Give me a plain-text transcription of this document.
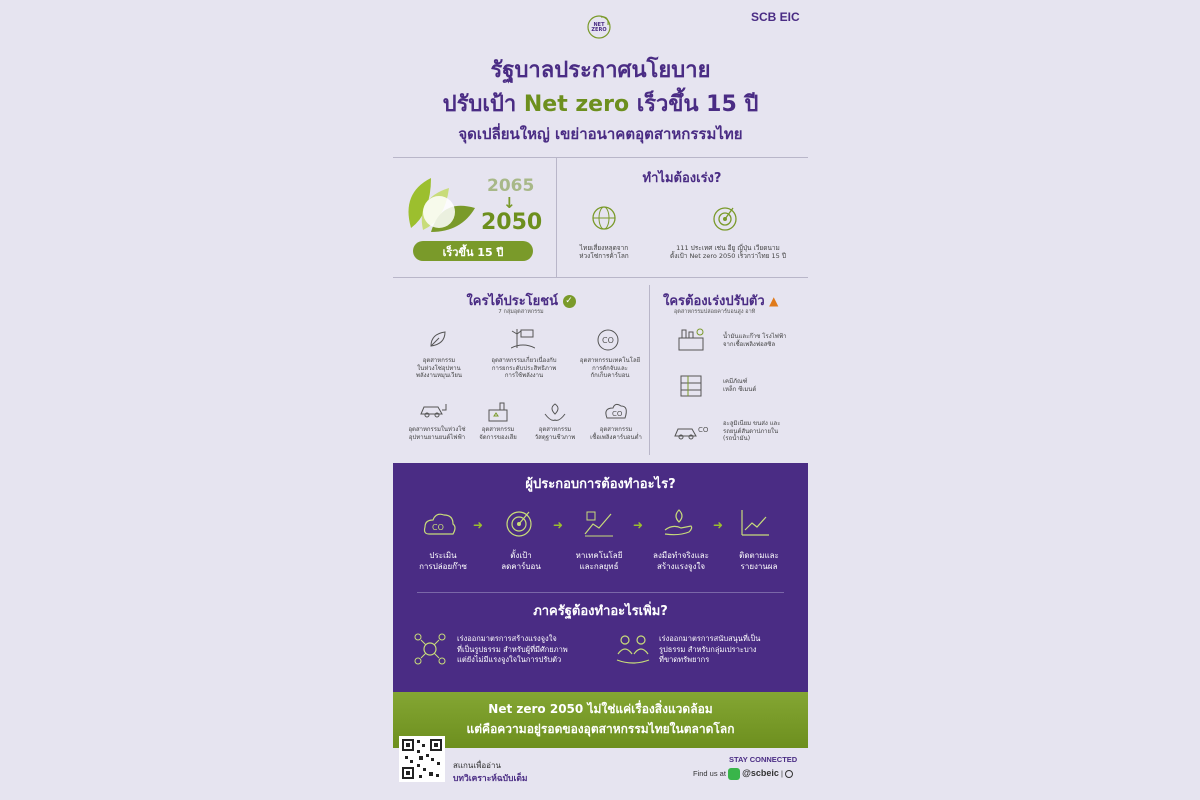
NET ZERO
SCB EIC
รัฐบาลประกาศนโยบาย
ปรับเป้า Net zero เร็วขึ้น 15 ปี
จุดเปลี่ยนใหญ่ เขย่าอนาคตอุตสาหกรรมไทย
2065
↓
2050
เร็วขึ้น 15 ปี
ทำไมต้องเร่ง?
ไทยเสี่ยงหลุดจาก
ห่วงโซ่การค้าโลก
111 ประเทศ เช่น อียู ญี่ปุ่น เวียดนาม
ตั้งเป้า Net zero 2050 เร็วกว่าไทย 15 ปี
ใครได้ประโยชน์ ✓
7 กลุ่มอุตสาหกรรม
อุตสาหกรรม
ในห่วงโซ่อุปทาน
พลังงานหมุนเวียน
อุตสาหกรรมเกี่ยวเนื่องกับ
การยกระดับประสิทธิภาพ
การใช้พลังงาน
CO
อุตสาหกรรมเทคโนโลยี
การดักจับและ
กักเก็บคาร์บอน
อุตสาหกรรมในห่วงโซ่
อุปทานยานยนต์ไฟฟ้า
อุตสาหกรรม
จัดการของเสีย
อุตสาหกรรม
วัสดุฐานชีวภาพ
CO
อุตสาหกรรม
เชื้อเพลิงคาร์บอนต่ำ
ใครต้องเร่งปรับตัว ▲
อุตสาหกรรมปล่อยคาร์บอนสูง อาทิ
น้ำมันและก๊าซ โรงไฟฟ้า
จากเชื้อเพลิงฟอสซิล
เคมีภัณฑ์
เหล็ก ซีเมนต์
CO
อะลูมิเนียม ขนส่ง และ
รถยนต์สันดาปภายใน
(รถน้ำมัน)
ผู้ประกอบการต้องทำอะไร?
CO ➜	➜	➜	➜
ประเมิน
การปล่อยก๊าซ
ตั้งเป้า
ลดคาร์บอน
หาเทคโนโลยี
และกลยุทธ์
ลงมือทำจริงและ
สร้างแรงจูงใจ
ติดตามและ
รายงานผล
ภาครัฐต้องทำอะไรเพิ่ม?
เร่งออกมาตรการสร้างแรงจูงใจ
ที่เป็นรูปธรรม สำหรับผู้ที่มีศักยภาพ
แต่ยังไม่มีแรงจูงใจในการปรับตัว
เร่งออกมาตรการสนับสนุนที่เป็น
รูปธรรม สำหรับกลุ่มเปราะบาง
ที่ขาดทรัพยากร
Net zero 2050 ไม่ใช่แค่เรื่องสิ่งแวดล้อม
แต่คือความอยู่รอดของอุตสาหกรรมไทยในตลาดโลก
สแกนเพื่ออ่าน
บทวิเคราะห์ฉบับเต็ม
STAY CONNECTED
Find us at @scbeic |
